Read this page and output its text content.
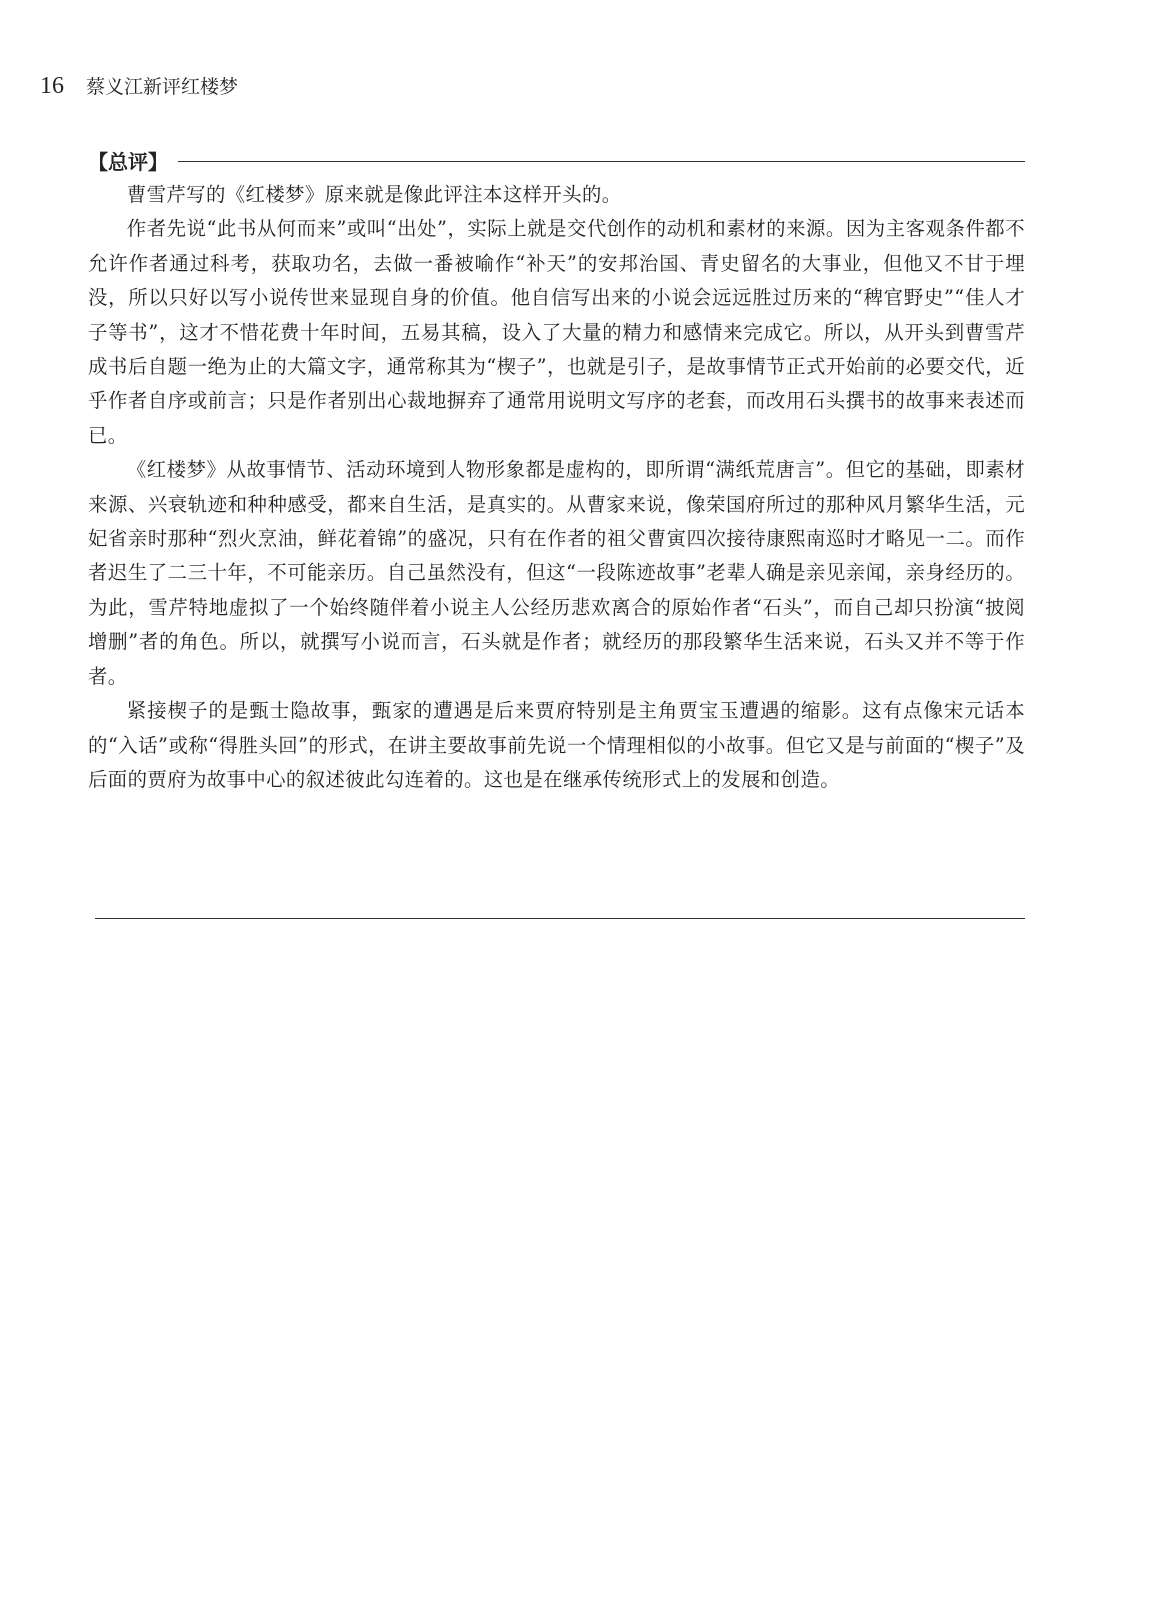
16 蔡义江新评红楼梦
【总评】

曹雪芹写的《红楼梦》原来就是像此评注本这样开头的。

作者先说“此书从何而来”或叫“出处”，实际上就是交代创作的动机和素材的来源。因为主客观条件都不允许作者通过科考，获取功名，去做一番被喻作“补天”的安邦治国、青史留名的大事业，但他又不甘于埋没，所以只好以写小说传世来显现自身的价值。他自信写出来的小说会远远胜过历来的“稗官野史”“佳人才子等书”，这才不惜花费十年时间，五易其稿，设入了大量的精力和感情来完成它。所以，从开头到曹雪芹成书后自题一绝为止的大篇文字，通常称其为“楔子”，也就是引子，是故事情节正式开始前的必要交代，近乎作者自序或前言；只是作者别出心裁地摒弃了通常用说明文写序的老套，而改用石头撰书的故事来表述而已。

《红楼梦》从故事情节、活动环境到人物形象都是虚构的，即所谓“满纸荒唐言”。但它的基础，即素材来源、兴衰轨迹和种种感受，都来自生活，是真实的。从曹家来说，像荣国府所过的那种风月繁华生活，元妃省亲时那种“烈火烹油，鲜花着锦”的盛况，只有在作者的祖父曹寅四次接待康熙南巡时才略见一二。而作者迟生了二三十年，不可能亲历。自己虽然没有，但这“一段陈迹故事”老辈人确是亲见亲闻，亲身经历的。为此，雪芹特地虚拟了一个始终随伴着小说主人公经历悲欢离合的原始作者“石头”，而自己却只扮演“披阅增删”者的角色。所以，就撰写小说而言，石头就是作者；就经历的那段繁华生活来说，石头又并不等于作者。

紧接楔子的是甄士隐故事，甄家的遭遇是后来贾府特别是主角贾宝玉遭遇的缩影。这有点像宋元话本的“入话”或称“得胜头回”的形式，在讲主要故事前先说一个情理相似的小故事。但它又是与前面的“楔子”及后面的贾府为故事中心的叙述彼此勾连着的。这也是在继承传统形式上的发展和创造。
